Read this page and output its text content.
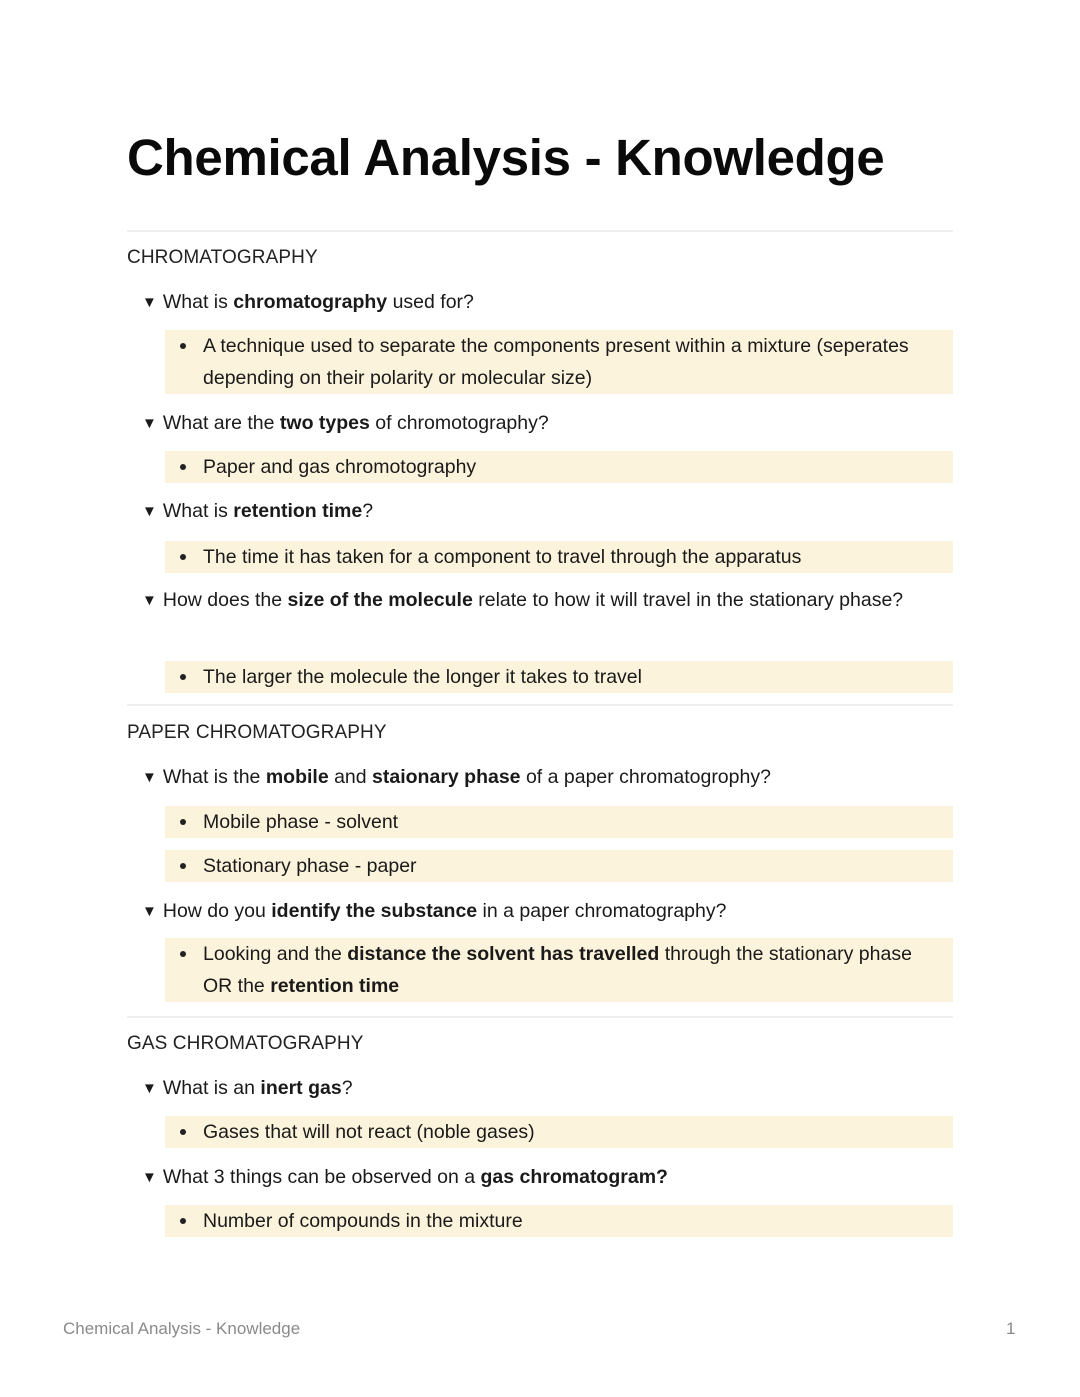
Chemical Analysis - Knowledge
CHROMATOGRAPHY
▼ What is chromatography used for?
A technique used to separate the components present within a mixture (seperates depending on their polarity or molecular size)
▼ What are the two types of chromotography?
Paper and gas chromotography
▼ What is retention time?
The time it has taken for a component to travel through the apparatus
▼ How does the size of the molecule relate to how it will travel in the stationary phase?
The larger the molecule the longer it takes to travel
PAPER CHROMATOGRAPHY
▼ What is the mobile and staionary phase of a paper chromatogrophy?
Mobile phase - solvent
Stationary phase - paper
▼ How do you identify the substance in a paper chromatography?
Looking and the distance the solvent has travelled through the stationary phase OR the retention time
GAS CHROMATOGRAPHY
▼ What is an inert gas?
Gases that will not react (noble gases)
▼ What 3 things can be observed on a gas chromatogram?
Number of compounds in the mixture
Chemical Analysis - Knowledge	1
